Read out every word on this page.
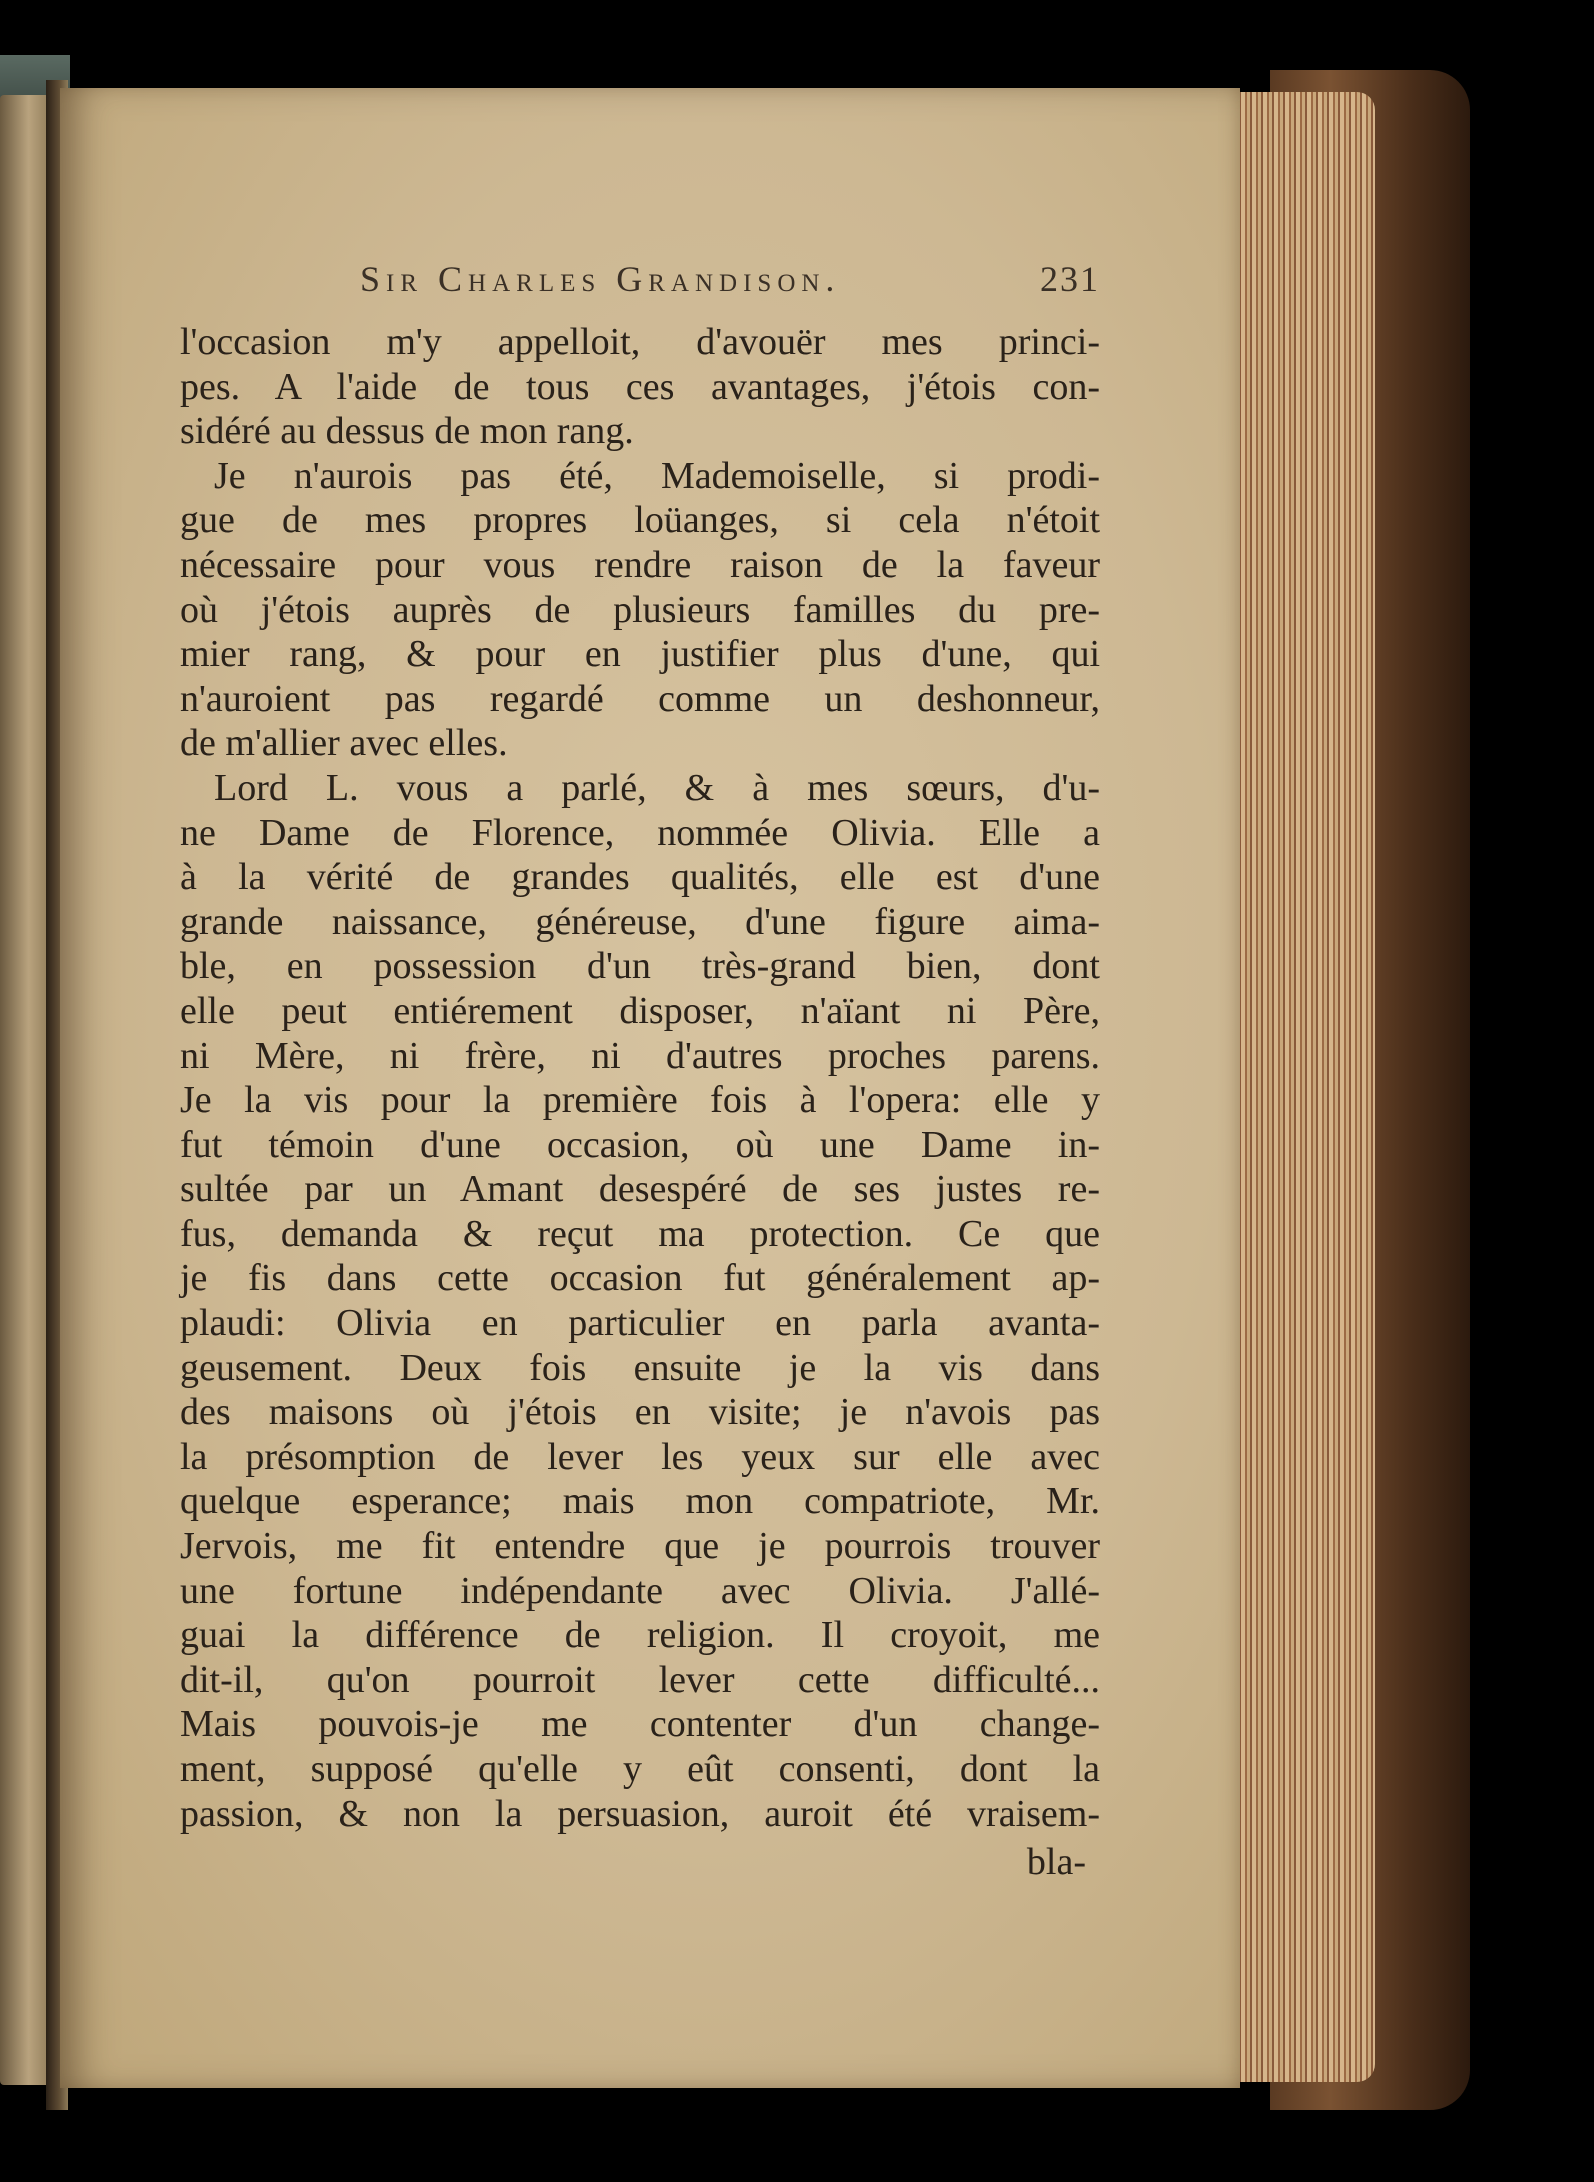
Sir Charles Grandison.	231
l'occasion m'y appelloit, d'avouër mes princi-
pes. A l'aide de tous ces avantages, j'étois con-
sidéré au dessus de mon rang.
Je n'aurois pas été, Mademoiselle, si prodi-
gue de mes propres loüanges, si cela n'étoit
nécessaire pour vous rendre raison de la faveur
où j'étois auprès de plusieurs familles du pre-
mier rang, & pour en justifier plus d'une, qui
n'auroient pas regardé comme un deshonneur,
de m'allier avec elles.
Lord L. vous a parlé, & à mes sœurs, d'u-
ne Dame de Florence, nommée Olivia. Elle a
à la vérité de grandes qualités, elle est d'une
grande naissance, généreuse, d'une figure aima-
ble, en possession d'un très-grand bien, dont
elle peut entiérement disposer, n'aïant ni Père,
ni Mère, ni frère, ni d'autres proches parens.
Je la vis pour la première fois à l'opera: elle y
fut témoin d'une occasion, où une Dame in-
sultée par un Amant desespéré de ses justes re-
fus, demanda & reçut ma protection. Ce que
je fis dans cette occasion fut généralement ap-
plaudi: Olivia en particulier en parla avanta-
geusement. Deux fois ensuite je la vis dans
des maisons où j'étois en visite; je n'avois pas
la présomption de lever les yeux sur elle avec
quelque esperance; mais mon compatriote, Mr.
Jervois, me fit entendre que je pourrois trouver
une fortune indépendante avec Olivia. J'allé-
guai la différence de religion. Il croyoit, me
dit-il, qu'on pourroit lever cette difficulté...
Mais pouvois-je me contenter d'un change-
ment, supposé qu'elle y eût consenti, dont la
passion, & non la persuasion, auroit été vraisem-
bla-
